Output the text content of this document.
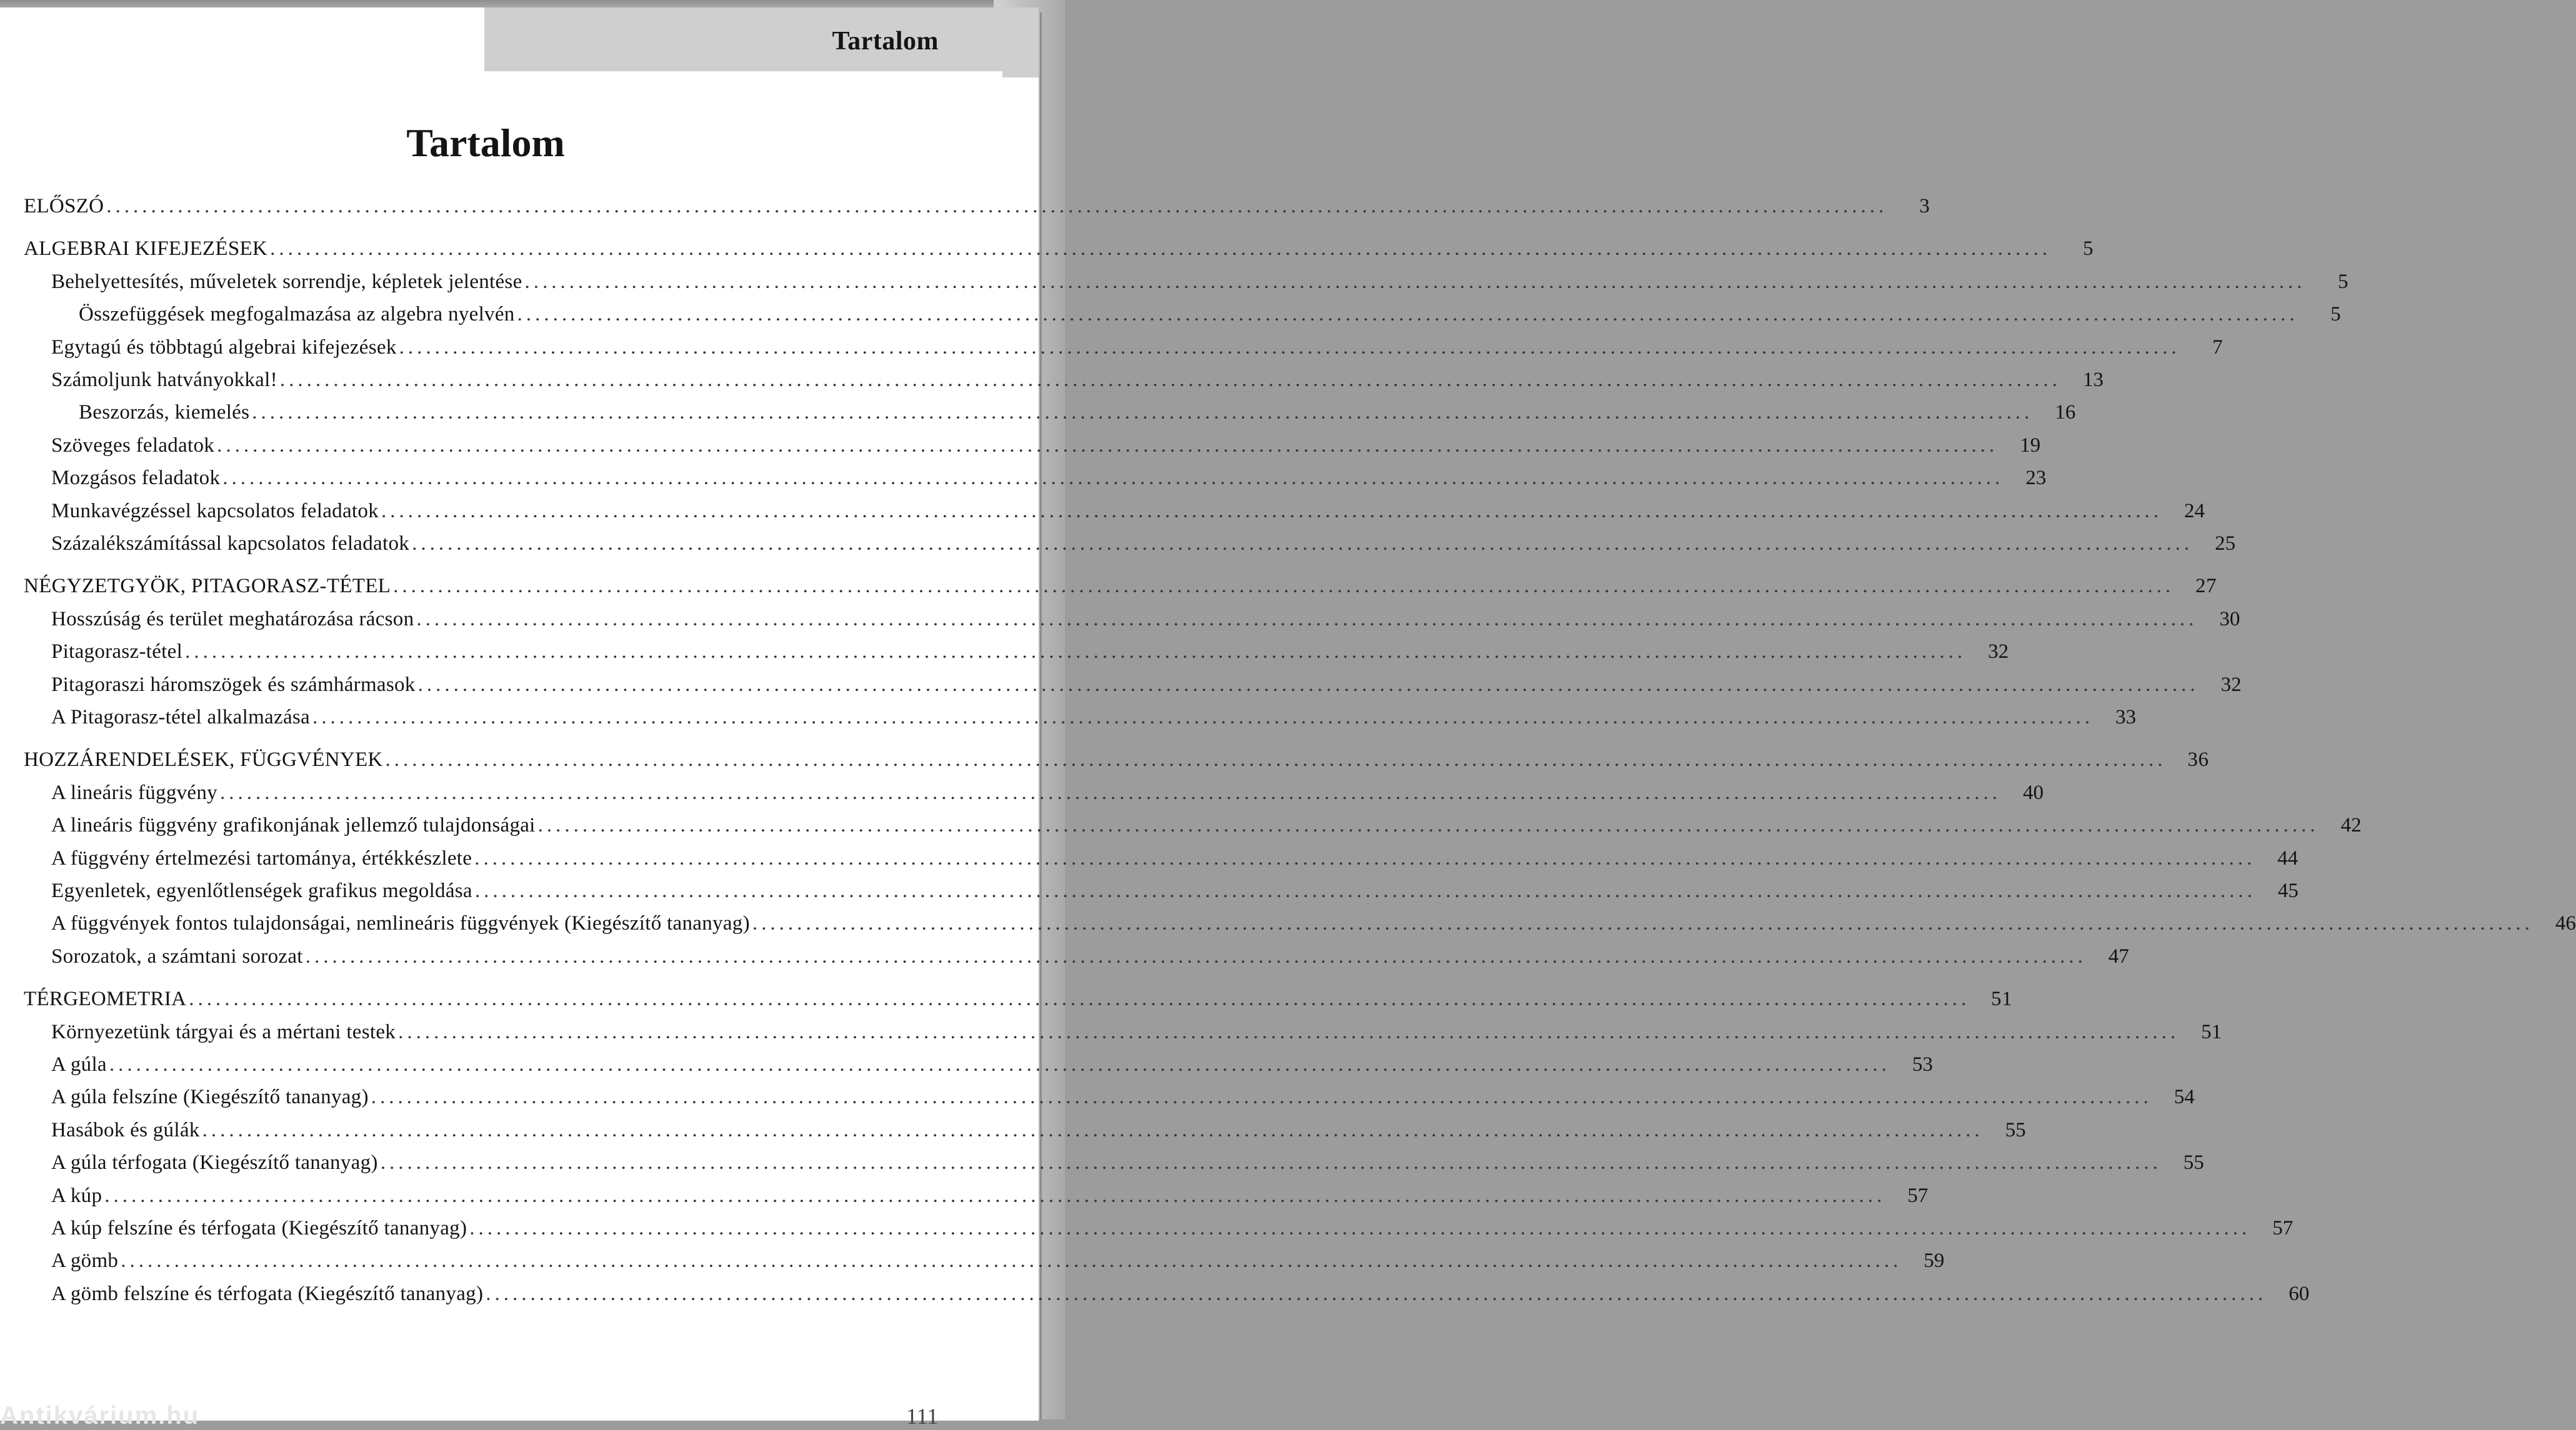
Tartalom
Tartalom
ELŐSZÓ ........................................................................................................................................................................................................	3
ALGEBRAI KIFEJEZÉSEK ........................................................................................................................................................................................................	5
Behelyettesítés, műveletek sorrendje, képletek jelentése ........................................................................................................................................................................................................	5
Összefüggések megfogalmazása az algebra nyelvén ........................................................................................................................................................................................................	5
Egytagú és többtagú algebrai kifejezések ........................................................................................................................................................................................................	7
Számoljunk hatványokkal! ........................................................................................................................................................................................................	13
Beszorzás, kiemelés ........................................................................................................................................................................................................	16
Szöveges feladatok ........................................................................................................................................................................................................	19
Mozgásos feladatok ........................................................................................................................................................................................................	23
Munkavégzéssel kapcsolatos feladatok ........................................................................................................................................................................................................	24
Százalékszámítással kapcsolatos feladatok ........................................................................................................................................................................................................	25
NÉGYZETGYÖK, PITAGORASZ-TÉTEL ........................................................................................................................................................................................................	27
Hosszúság és terület meghatározása rácson ........................................................................................................................................................................................................	30
Pitagorasz-tétel ........................................................................................................................................................................................................	32
Pitagoraszi háromszögek és számhármasok ........................................................................................................................................................................................................	32
A Pitagorasz-tétel alkalmazása ........................................................................................................................................................................................................	33
HOZZÁRENDELÉSEK, FÜGGVÉNYEK ........................................................................................................................................................................................................	36
A lineáris függvény ........................................................................................................................................................................................................	40
A lineáris függvény grafikonjának jellemző tulajdonságai ........................................................................................................................................................................................................	42
A függvény értelmezési tartománya, értékkészlete ........................................................................................................................................................................................................	44
Egyenletek, egyenlőtlenségek grafikus megoldása ........................................................................................................................................................................................................	45
A függvények fontos tulajdonságai, nemlineáris függvények (Kiegészítő tananyag) ........................................................................................................................................................................................................	46
Sorozatok, a számtani sorozat ........................................................................................................................................................................................................	47
TÉRGEOMETRIA ........................................................................................................................................................................................................	51
Környezetünk tárgyai és a mértani testek ........................................................................................................................................................................................................	51
A gúla ........................................................................................................................................................................................................	53
A gúla felszíne (Kiegészítő tananyag) ........................................................................................................................................................................................................	54
Hasábok és gúlák ........................................................................................................................................................................................................	55
A gúla térfogata (Kiegészítő tananyag) ........................................................................................................................................................................................................	55
A kúp ........................................................................................................................................................................................................	57
A kúp felszíne és térfogata (Kiegészítő tananyag) ........................................................................................................................................................................................................	57
A gömb ........................................................................................................................................................................................................	59
A gömb felszíne és térfogata (Kiegészítő tananyag) ........................................................................................................................................................................................................	60
Antikvárium.hu	111
